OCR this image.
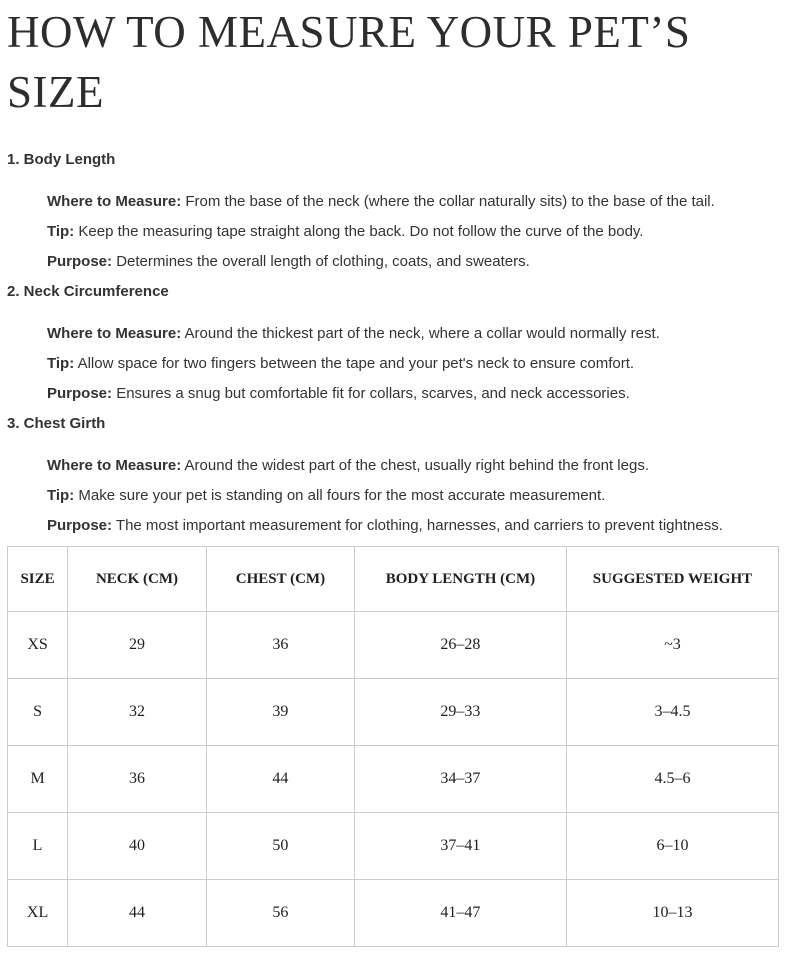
HOW TO MEASURE YOUR PET’S SIZE
1. Body Length

Where to Measure: From the base of the neck (where the collar naturally sits) to the base of the tail.

Tip: Keep the measuring tape straight along the back. Do not follow the curve of the body.

Purpose: Determines the overall length of clothing, coats, and sweaters.

2. Neck Circumference

Where to Measure: Around the thickest part of the neck, where a collar would normally rest.

Tip: Allow space for two fingers between the tape and your pet's neck to ensure comfort.

Purpose: Ensures a snug but comfortable fit for collars, scarves, and neck accessories.

3. Chest Girth

Where to Measure: Around the widest part of the chest, usually right behind the front legs.

Tip: Make sure your pet is standing on all fours for the most accurate measurement.

Purpose: The most important measurement for clothing, harnesses, and carriers to prevent tightness.

SIZE	NECK (CM)	CHEST (CM)	BODY LENGTH (CM)	SUGGESTED WEIGHT
XS	29	36	26–28	~3
S	32	39	29–33	3–4.5
M	36	44	34–37	4.5–6
L	40	50	37–41	6–10
XL	44	56	41–47	10–13
